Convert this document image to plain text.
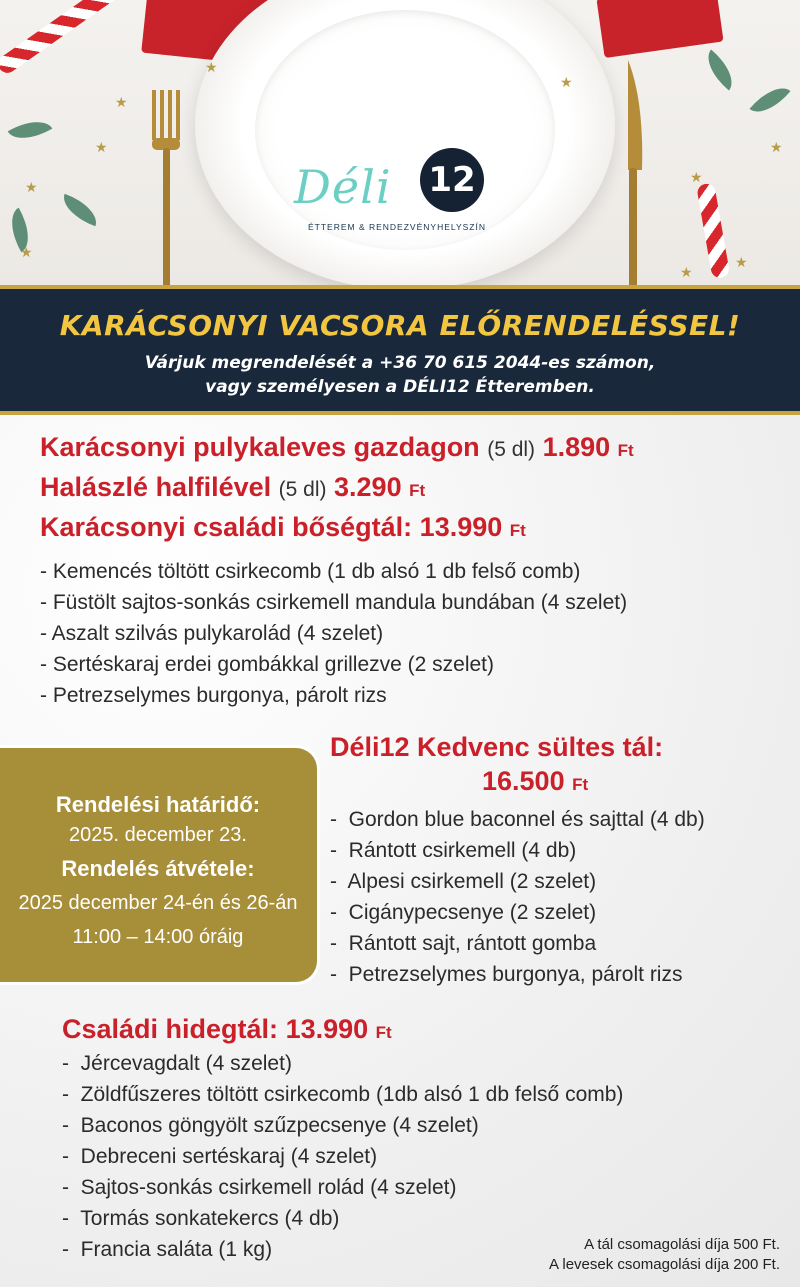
★
★
★
★
★
★
★
★
★
★
Déli 12
ÉTTEREM & RENDEZVÉNYHELYSZÍN
KARÁCSONYI VACSORA ELŐRENDELÉSSEL!
Várjuk megrendelését a +36 70 615 2044-es számon,
vagy személyesen a DÉLI12 Étteremben.
Karácsonyi pulykaleves gazdagon (5 dl) 1.890 Ft
Halászlé halfilével (5 dl) 3.290 Ft
Karácsonyi családi bőségtál: 13.990 Ft
- Kemencés töltött csirkecomb (1 db alsó 1 db felső comb)
- Füstölt sajtos-sonkás csirkemell mandula bundában (4 szelet)
- Aszalt szilvás pulykarolád (4 szelet)
- Sertéskaraj erdei gombákkal grillezve (2 szelet)
- Petrezselymes burgonya, párolt rizs
Déli12 Kedvenc sültes tál:
16.500 Ft
- Gordon blue baconnel és sajttal (4 db)
- Rántott csirkemell (4 db)
- Alpesi csirkemell (2 szelet)
- Cigánypecsenye (2 szelet)
- Rántott sajt, rántott gomba
- Petrezselymes burgonya, párolt rizs
Rendelési határidő:
2025. december 23.
Rendelés átvétele:
2025 december 24-én és 26-án
11:00 – 14:00 óráig
Családi hidegtál: 13.990 Ft
- Jércevagdalt (4 szelet)
- Zöldfűszeres töltött csirkecomb (1db alsó 1 db felső comb)
- Baconos göngyölt szűzpecsenye (4 szelet)
- Debreceni sertéskaraj (4 szelet)
- Sajtos-sonkás csirkemell rolád (4 szelet)
- Tormás sonkatekercs (4 db)
- Francia saláta (1 kg)	A tál csomagolási díja 500 Ft.
A levesek csomagolási díja 200 Ft.
